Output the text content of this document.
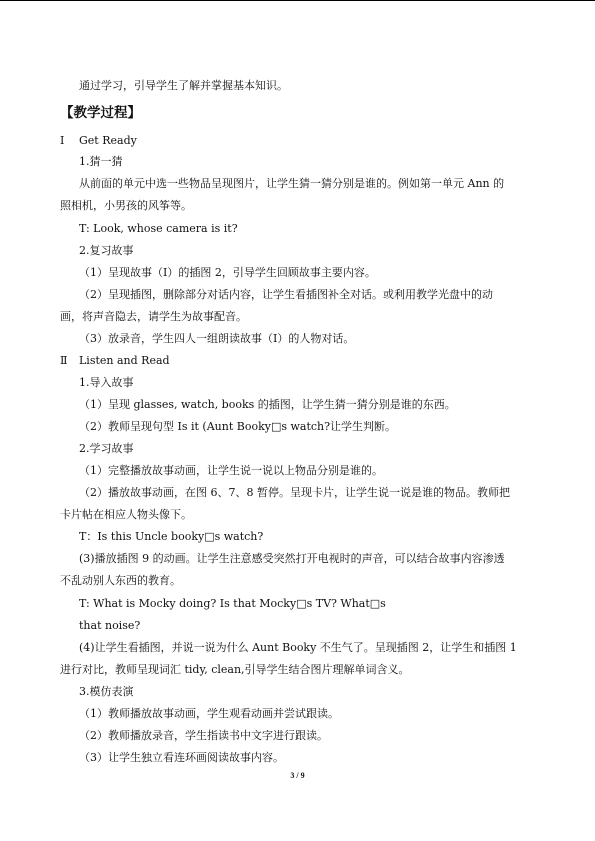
通过学习，引导学生了解并掌握基本知识。
【教学过程】
Ⅰ Get Ready
1.猜一猜
从前面的单元中选一些物品呈现图片，让学生猜一猜分别是谁的。例如第一单元 Ann 的
照相机，小男孩的风筝等。
T: Look, whose camera is it?
2.复习故事
（1）呈现故事（I）的插图 2，引导学生回顾故事主要内容。
（2）呈现插图，删除部分对话内容，让学生看插图补全对话。或利用教学光盘中的动
画，将声音隐去，请学生为故事配音。
（3）放录音，学生四人一组朗读故事（I）的人物对话。
Ⅱ Listen and Read
1.导入故事
（1）呈现 glasses, watch, books 的插图，让学生猜一猜分别是谁的东西。
（2）教师呈现句型 Is it (Aunt Booky□s watch?让学生判断。
2.学习故事
（1）完整播放故事动画，让学生说一说以上物品分别是谁的。
（2）播放故事动画，在图 6、7、8 暂停。呈现卡片，让学生说一说是谁的物品。教师把
卡片帖在相应人物头像下。
T：Is this Uncle booky□s watch?
(3)播放插图 9 的动画。让学生注意感受突然打开电视时的声音，可以结合故事内容渗透
不乱动别人东西的教育。
T: What is Mocky doing? Is that Mocky□s TV? What□s
that noise?
(4)让学生看插图，并说一说为什么 Aunt Booky 不生气了。呈现插图 2，让学生和插图 1
进行对比，教师呈现词汇 tidy, clean,引导学生结合图片理解单词含义。
3.模仿表演
（1）教师播放故事动画，学生观看动画并尝试跟读。
（2）教师播放录音，学生指读书中文字进行跟读。
（3）让学生独立看连环画阅读故事内容。
3 / 9
